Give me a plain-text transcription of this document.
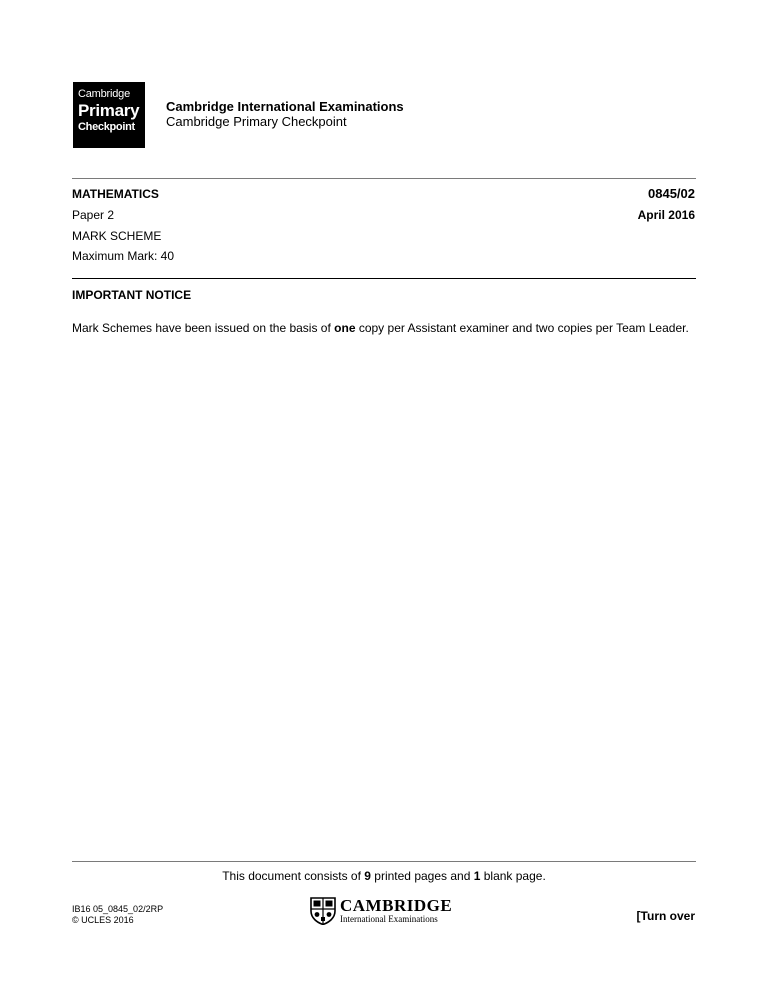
Cambridge
Primary
Checkpoint
Cambridge International Examinations
Cambridge Primary Checkpoint
MATHEMATICS	0845/02
Paper 2	April 2016
MARK SCHEME
Maximum Mark: 40
IMPORTANT NOTICE
Mark Schemes have been issued on the basis of one copy per Assistant examiner and two copies per Team Leader.
This document consists of 9 printed pages and 1 blank page.
IB16 05_0845_02/2RP
© UCLES 2016
CAMBRIDGE
International Examinations	[Turn over
